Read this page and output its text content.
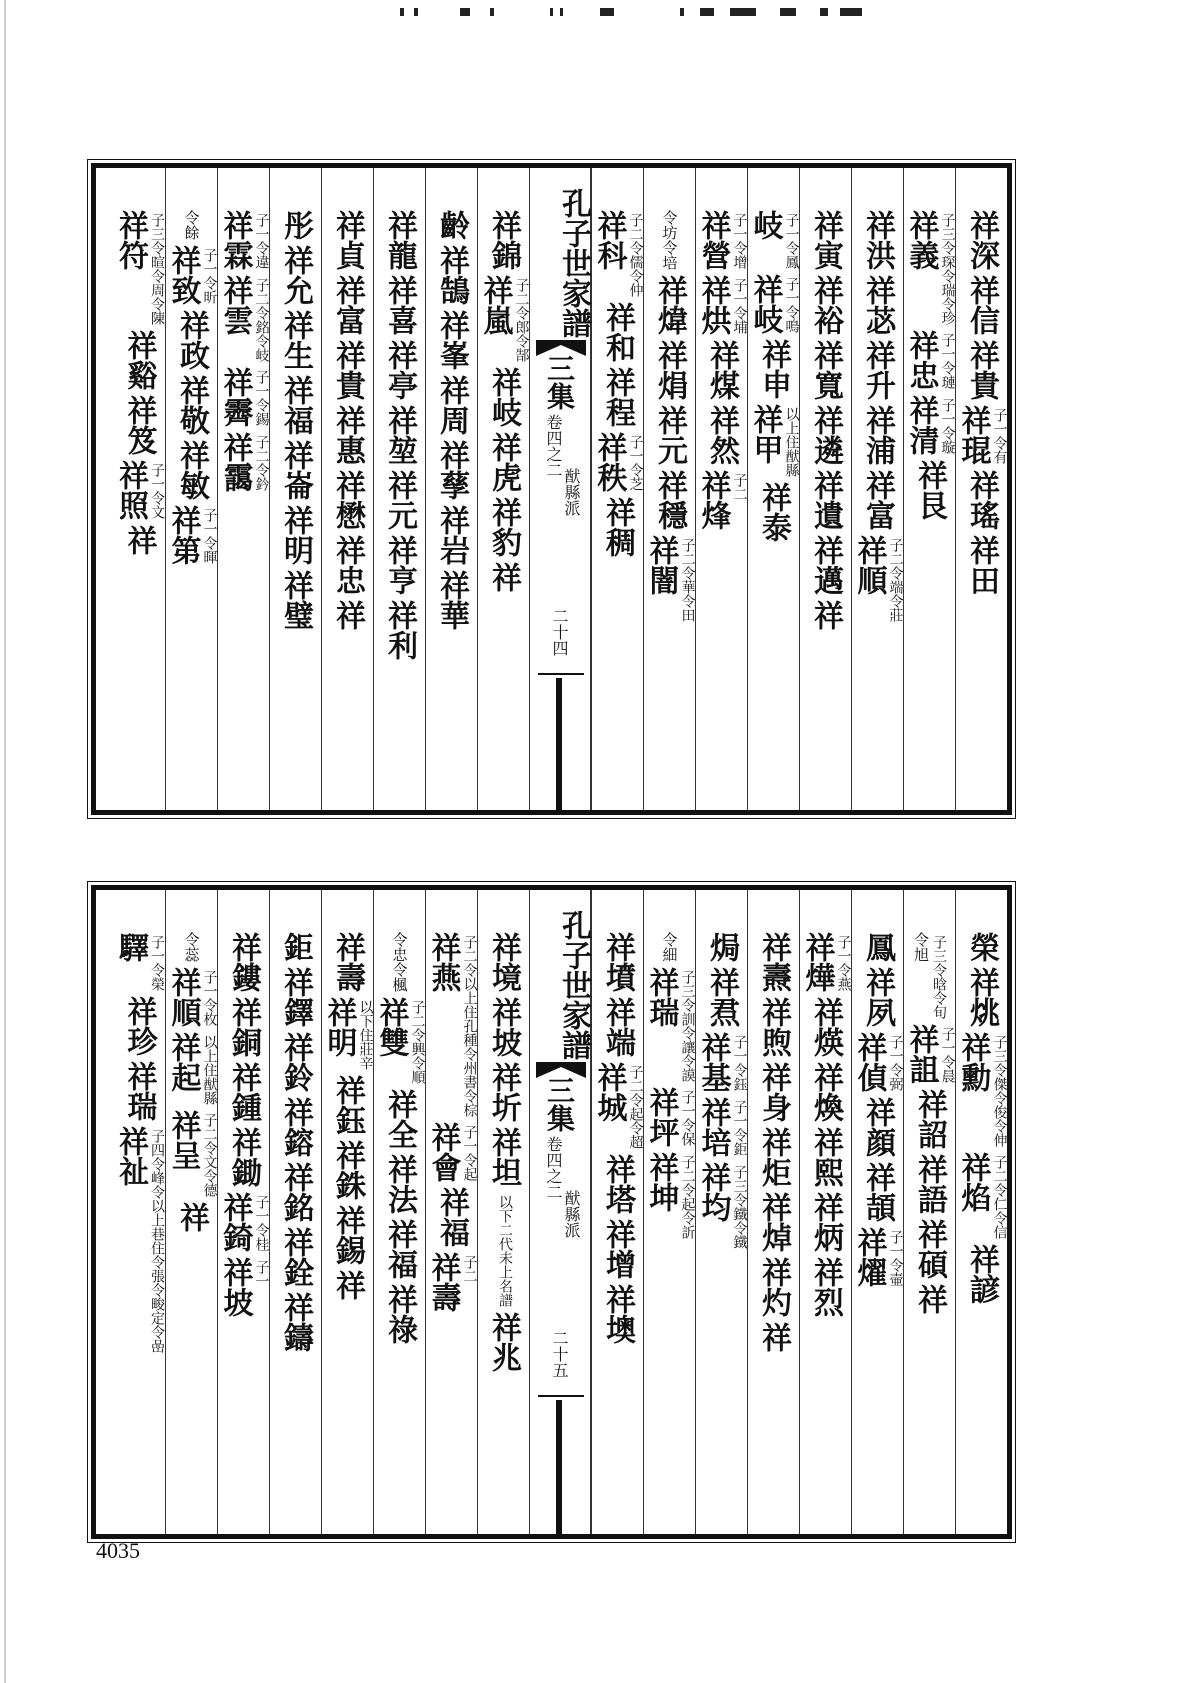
祥深
祥信
祥貴
祥琨 子一令有
祥瑤
祥田
祥義 子三令琛令瑞令珍
祥忠 子一令璉
祥清 子一令璇
祥艮
祥洪
祥苾
祥升
祥浦
祥富
祥順 子二令端令莊
祥寅
祥裕
祥寬
祥遴
祥遺
祥邁
祥
岐 子一令鳳
祥岐 子一令鳴
祥申
祥甲 以上住猷縣
祥泰
祥營 子一令增
祥烘 子一令埔
祥煤
祥然
祥烽 子二
令坊令培
祥煒
祥焆
祥元
祥穩
祥闇 子二令華令田
祥科 子二令儒令仲
祥和
祥程
祥秩 子一令芝
祥稠
孔子世家譜
三集
卷四之二
猷縣派
二十四
祥錦
祥嵐 子二令郎令郜
祥岐
祥虎
祥豹
祥
齡
祥鵠
祥峯
祥周
祥孶
祥岩
祥華
祥龍
祥喜
祥亭
祥堃
祥元
祥亨
祥利
祥貞
祥富
祥貴
祥惠
祥懋
祥忠
祥
彤
祥允
祥生
祥福
祥崙
祥明
祥璧
祥霖 子一令違
祥雲 子二令銘令岐
祥霽 子一令錫
祥靄 子二令鈐
令餘
祥致 子一令昕
祥政
祥敬
祥敏
祥第 子一令暉
祥符 子三令暄令周令陳
祥谿
祥笈
祥照 子一令文
祥
榮
祥烑
祥勳 子三令傑令俊令伸
祥焰 子二令仁令信
祥諺
令旭 子三令晗令旬
祥詛 子一令晨
祥詔
祥語
祥碩
祥
鳳
祥夙
祥偵 子一令弼
祥顔
祥頡
祥燿 子一令壷
祥燁 子一令燕
祥煐
祥煥
祥熙
祥炳
祥烈
祥燾
祥煦
祥身
祥炬
祥焯
祥灼
祥
焗
祥焄
祥基 子一令鈺
祥培 子一令鉅
祥均 子三令鐵令鐵
令細
祥瑞 子三令訓令讓令謨
祥坪 子一令保
祥坤 子二令起令訢
祥墳
祥端
祥城 子二令起令超
祥塔
祥增
祥墺
孔子世家譜
三集
卷四之二
猷縣派
二十五
祥境
祥坡
祥圻
祥坦
以下二代未上名譜
祥兆
祥燕 子二令以上住孔種令州書令棕
祥會 子一令起
祥福
祥壽 子二
令忠令楓
祥雙 子二令興令順
祥全
祥法
祥福
祥祿
祥壽
祥明 以下住莊辛
祥鈺
祥銖
祥錫
祥
鉅
祥鐸
祥鈴
祥鎔
祥銘
祥銓
祥鑄
祥鏤
祥銅
祥鍾
祥鋤
祥錡 子一令桂
祥坡 子一
令蕊
祥順 子一令枚
祥起 以上住猷縣
祥呈 子二令文令德
祥
驛 子一令榮
祥珍
祥瑞
祥祉 子四令峰令以上巷住令張令畯定令嵒
4035
